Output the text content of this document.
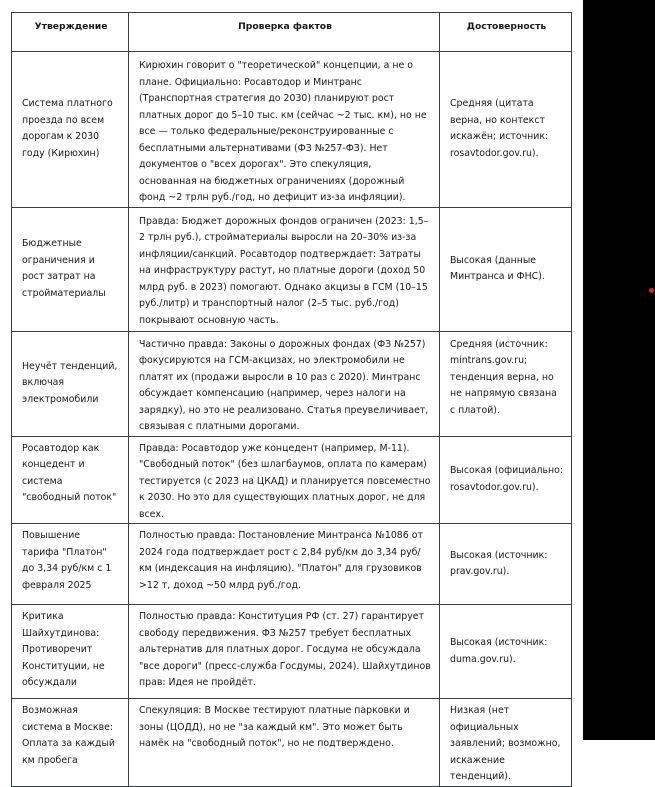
Утверждение	Проверка фактов	Достоверность
Система платного проезда по всем дорогам к 2030 году (Кирюхин)	Кирюхин говорит о "теоретической" концепции, а не о плане. Официально: Росавтодор и Минтранс (Транспортная стратегия до 2030) планируют рост платных дорог до 5–10 тыс. км (сейчас ~2 тыс. км), но не все — только федеральные/реконструированные с бесплатными альтернативами (ФЗ №257-ФЗ). Нет документов о "всех дорогах". Это спекуляция, основанная на бюджетных ограничениях (дорожный фонд ~2 трлн руб./год, но дефицит из-за инфляции).	Средняя (цитата верна, но контекст искажён; источник: rosavtodor.gov.ru).
Бюджетные ограничения и рост затрат на стройматериалы	Правда: Бюджет дорожных фондов ограничен (2023: 1,5–2 трлн руб.), стройматериалы выросли на 20–30% из-за инфляции/санкций. Росавтодор подтверждает: Затраты на инфраструктуру растут, но платные дороги (доход 50 млрд руб. в 2023) помогают. Однако акцизы в ГСМ (10–15 руб./литр) и транспортный налог (2–5 тыс. руб./год) покрывают основную часть.	Высокая (данные Минтранса и ФНС).
Неучёт тенденций, включая электромобили	Частично правда: Законы о дорожных фондах (ФЗ №257) фокусируются на ГСМ-акцизах, но электромобили не платят их (продажи выросли в 10 раз с 2020). Минтранс обсуждает компенсацию (например, через налоги на зарядку), но это не реализовано. Статья преувеличивает, связывая с платными дорогами.	Средняя (источник: mintrans.gov.ru; тенденция верна, но не напрямую связана с платой).
Росавтодор как концедент и система "свободный поток"	Правда: Росавтодор уже концедент (например, М-11). "Свободный поток" (без шлагбаумов, оплата по камерам) тестируется (с 2023 на ЦКАД) и планируется повсеместно к 2030. Но это для существующих платных дорог, не для всех.	Высокая (официально: rosavtodor.gov.ru).
Повышение тарифа "Платон" до 3,34 руб/км с 1 февраля 2025	Полностью правда: Постановление Минтранса №1086 от 2024 года подтверждает рост с 2,84 руб/км до 3,34 руб/км (индексация на инфляцию). "Платон" для грузовиков >12 т, доход ~50 млрд руб./год.	Высокая (источник: prav.gov.ru).
Критика Шайхутдинова: Противоречит Конституции, не обсуждали	Полностью правда: Конституция РФ (ст. 27) гарантирует свободу передвижения. ФЗ №257 требует бесплатных альтернатив для платных дорог. Госдума не обсуждала "все дороги" (пресс-служба Госдумы, 2024). Шайхутдинов прав: Идея не пройдёт.	Высокая (источник: duma.gov.ru).
Возможная система в Москве: Оплата за каждый км пробега	Спекуляция: В Москве тестируют платные парковки и зоны (ЦОДД), но не "за каждый км". Это может быть намёк на "свободный поток", но не подтверждено.	Низкая (нет официальных заявлений; возможно, искажение тенденций).
